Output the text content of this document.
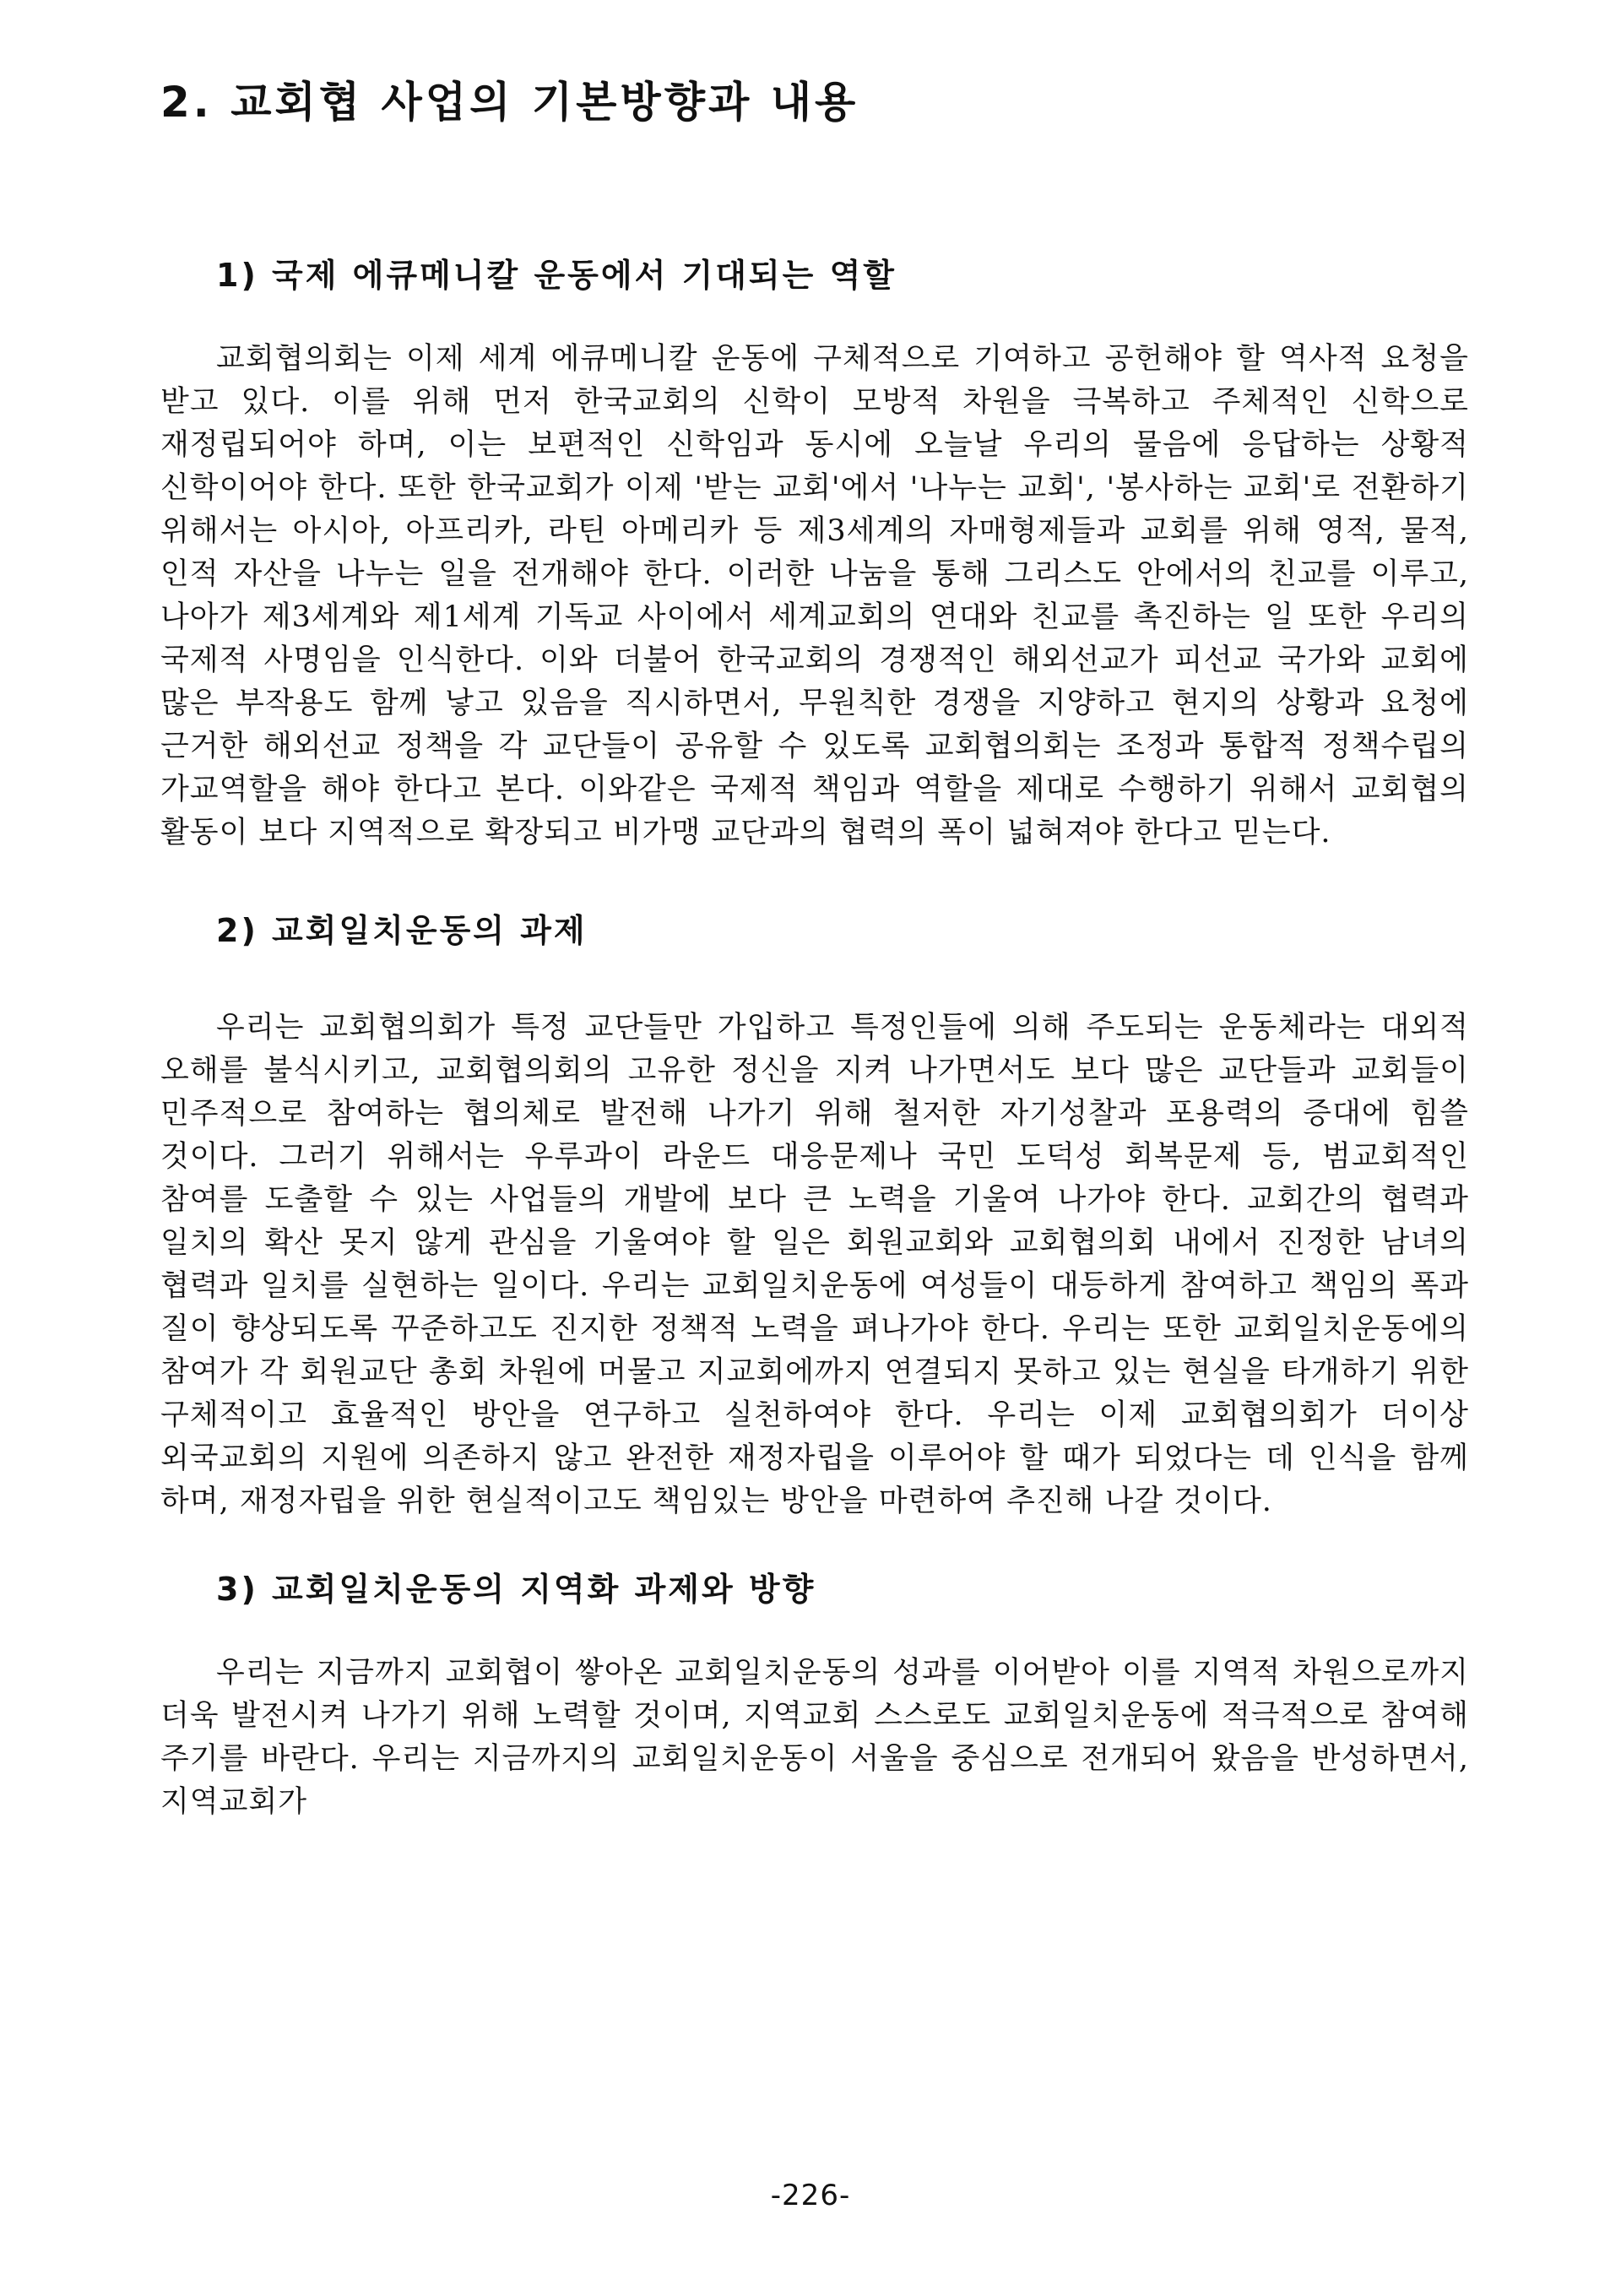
2. 교회협 사업의 기본방향과 내용
1) 국제 에큐메니칼 운동에서 기대되는 역할

교회협의회는 이제 세계 에큐메니칼 운동에 구체적으로 기여하고 공헌해야 할 역사적 요청을 받고 있다. 이를 위해 먼저 한국교회의 신학이 모방적 차원을 극복하고 주체적인 신학으로 재정립되어야 하며, 이는 보편적인 신학임과 동시에 오늘날 우리의 물음에 응답하는 상황적 신학이어야 한다. 또한 한국교회가 이제 '받는 교회'에서 '나누는 교회', '봉사하는 교회'로 전환하기 위해서는 아시아, 아프리카, 라틴 아메리카 등 제3세계의 자매형제들과 교회를 위해 영적, 물적, 인적 자산을 나누는 일을 전개해야 한다. 이러한 나눔을 통해 그리스도 안에서의 친교를 이루고, 나아가 제3세계와 제1세계 기독교 사이에서 세계교회의 연대와 친교를 촉진하는 일 또한 우리의 국제적 사명임을 인식한다. 이와 더불어 한국교회의 경쟁적인 해외선교가 피선교 국가와 교회에 많은 부작용도 함께 낳고 있음을 직시하면서, 무원칙한 경쟁을 지양하고 현지의 상황과 요청에 근거한 해외선교 정책을 각 교단들이 공유할 수 있도록 교회협의회는 조정과 통합적 정책수립의 가교역할을 해야 한다고 본다. 이와같은 국제적 책임과 역할을 제대로 수행하기 위해서 교회협의 활동이 보다 지역적으로 확장되고 비가맹 교단과의 협력의 폭이 넓혀져야 한다고 믿는다.

2) 교회일치운동의 과제

우리는 교회협의회가 특정 교단들만 가입하고 특정인들에 의해 주도되는 운동체라는 대외적 오해를 불식시키고, 교회협의회의 고유한 정신을 지켜 나가면서도 보다 많은 교단들과 교회들이 민주적으로 참여하는 협의체로 발전해 나가기 위해 철저한 자기성찰과 포용력의 증대에 힘쓸 것이다. 그러기 위해서는 우루과이 라운드 대응문제나 국민 도덕성 회복문제 등, 범교회적인 참여를 도출할 수 있는 사업들의 개발에 보다 큰 노력을 기울여 나가야 한다. 교회간의 협력과 일치의 확산 못지 않게 관심을 기울여야 할 일은 회원교회와 교회협의회 내에서 진정한 남녀의 협력과 일치를 실현하는 일이다. 우리는 교회일치운동에 여성들이 대등하게 참여하고 책임의 폭과 질이 향상되도록 꾸준하고도 진지한 정책적 노력을 펴나가야 한다. 우리는 또한 교회일치운동에의 참여가 각 회원교단 총회 차원에 머물고 지교회에까지 연결되지 못하고 있는 현실을 타개하기 위한 구체적이고 효율적인 방안을 연구하고 실천하여야 한다. 우리는 이제 교회협의회가 더이상 외국교회의 지원에 의존하지 않고 완전한 재정자립을 이루어야 할 때가 되었다는 데 인식을 함께 하며, 재정자립을 위한 현실적이고도 책임있는 방안을 마련하여 추진해 나갈 것이다.

3) 교회일치운동의 지역화 과제와 방향

우리는 지금까지 교회협이 쌓아온 교회일치운동의 성과를 이어받아 이를 지역적 차원으로까지 더욱 발전시켜 나가기 위해 노력할 것이며, 지역교회 스스로도 교회일치운동에 적극적으로 참여해 주기를 바란다. 우리는 지금까지의 교회일치운동이 서울을 중심으로 전개되어 왔음을 반성하면서, 지역교회가

-226-
